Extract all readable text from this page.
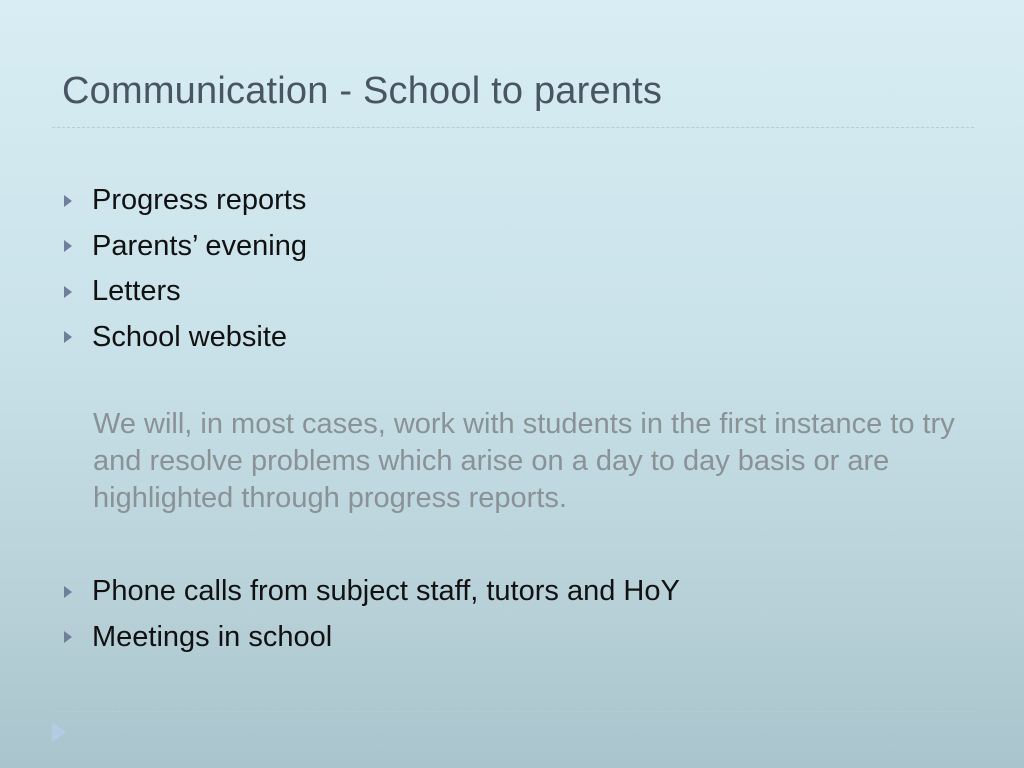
Communication - School to parents
Progress reports
Parents’ evening
Letters
School website

We will, in most cases, work with students in the first instance to try and resolve problems which arise on a day to day basis or are highlighted through progress reports.

Phone calls from subject staff, tutors and HoY
Meetings in school
